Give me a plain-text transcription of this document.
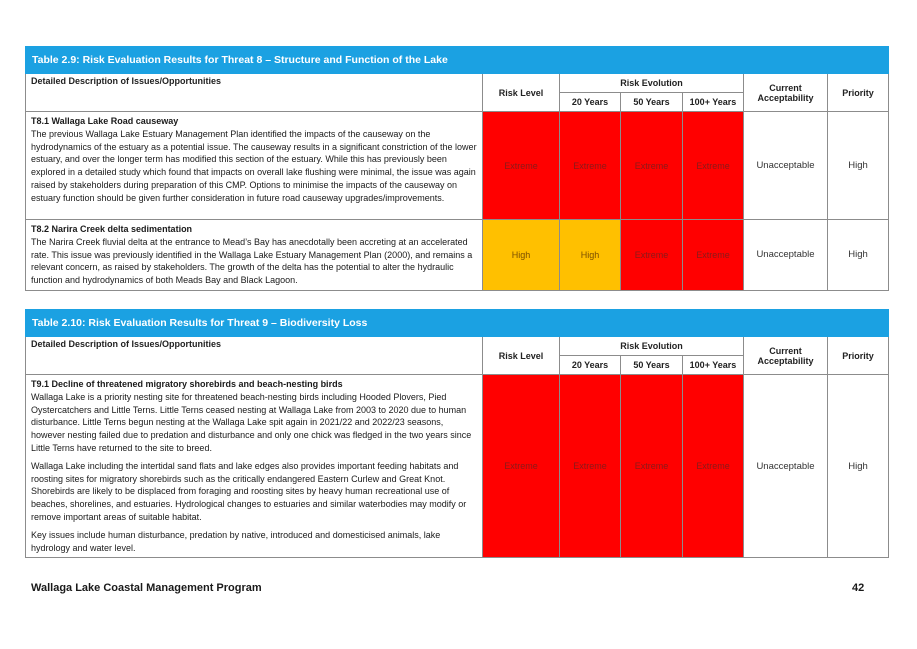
Table 2.9: Risk Evaluation Results for Threat 8 – Structure and Function of the Lake						
Detailed Description of Issues/Opportunities	Risk Level	Risk Evolution			Current Acceptability	Priority
		20 Years	50 Years	100+ Years		

T8.1 Wallaga Lake Road causeway

The previous Wallaga Lake Estuary Management Plan identified the impacts of the causeway on the hydrodynamics of the estuary as a potential issue. The causeway results in a significant constriction of the lower estuary, and over the longer term has modified this section of the estuary. While this has previously been explored in a detailed study which found that impacts on overall lake flushing were minimal, the issue was again raised by stakeholders during preparation of this CMP. Options to minimise the impacts of the causeway on estuary function should be given further consideration in future road causeway upgrades/improvements.	Extreme	Extreme	Extreme	Extreme	Unacceptable	High

T8.2 Narira Creek delta sedimentation

The Narira Creek fluvial delta at the entrance to Mead’s Bay has anecdotally been accreting at an accelerated rate. This issue was previously identified in the Wallaga Lake Estuary Management Plan (2000), and remains a relevant concern, as raised by stakeholders. The growth of the delta has the potential to alter the hydraulic function and hydrodynamics of both Meads Bay and Black Lagoon.	High	High	Extreme	Extreme	Unacceptable	High
Table 2.10: Risk Evaluation Results for Threat 9 – Biodiversity Loss						
Detailed Description of Issues/Opportunities	Risk Level	Risk Evolution			Current Acceptability	Priority
		20 Years	50 Years	100+ Years		

T9.1 Decline of threatened migratory shorebirds and beach-nesting birds

Wallaga Lake is a priority nesting site for threatened beach-nesting birds including Hooded Plovers, Pied Oystercatchers and Little Terns. Little Terns ceased nesting at Wallaga Lake from 2003 to 2020 due to human disturbance. Little Terns begun nesting at the Wallaga Lake spit again in 2021/22 and 2022/23 seasons, however nesting failed due to predation and disturbance and only one chick was fledged in the two years since Little Terns have returned to the site to breed.

Wallaga Lake including the intertidal sand flats and lake edges also provides important feeding habitats and roosting sites for migratory shorebirds such as the critically endangered Eastern Curlew and Great Knot. Shorebirds are likely to be displaced from foraging and roosting sites by heavy human recreational use of beaches, shorelines, and estuaries. Hydrological changes to estuaries and similar waterbodies may modify or remove important areas of suitable habitat.

Key issues include human disturbance, predation by native, introduced and domesticised animals, lake hydrology and water level.	Extreme	Extreme	Extreme	Extreme	Unacceptable	High
Wallaga Lake Coastal Management Program	42
